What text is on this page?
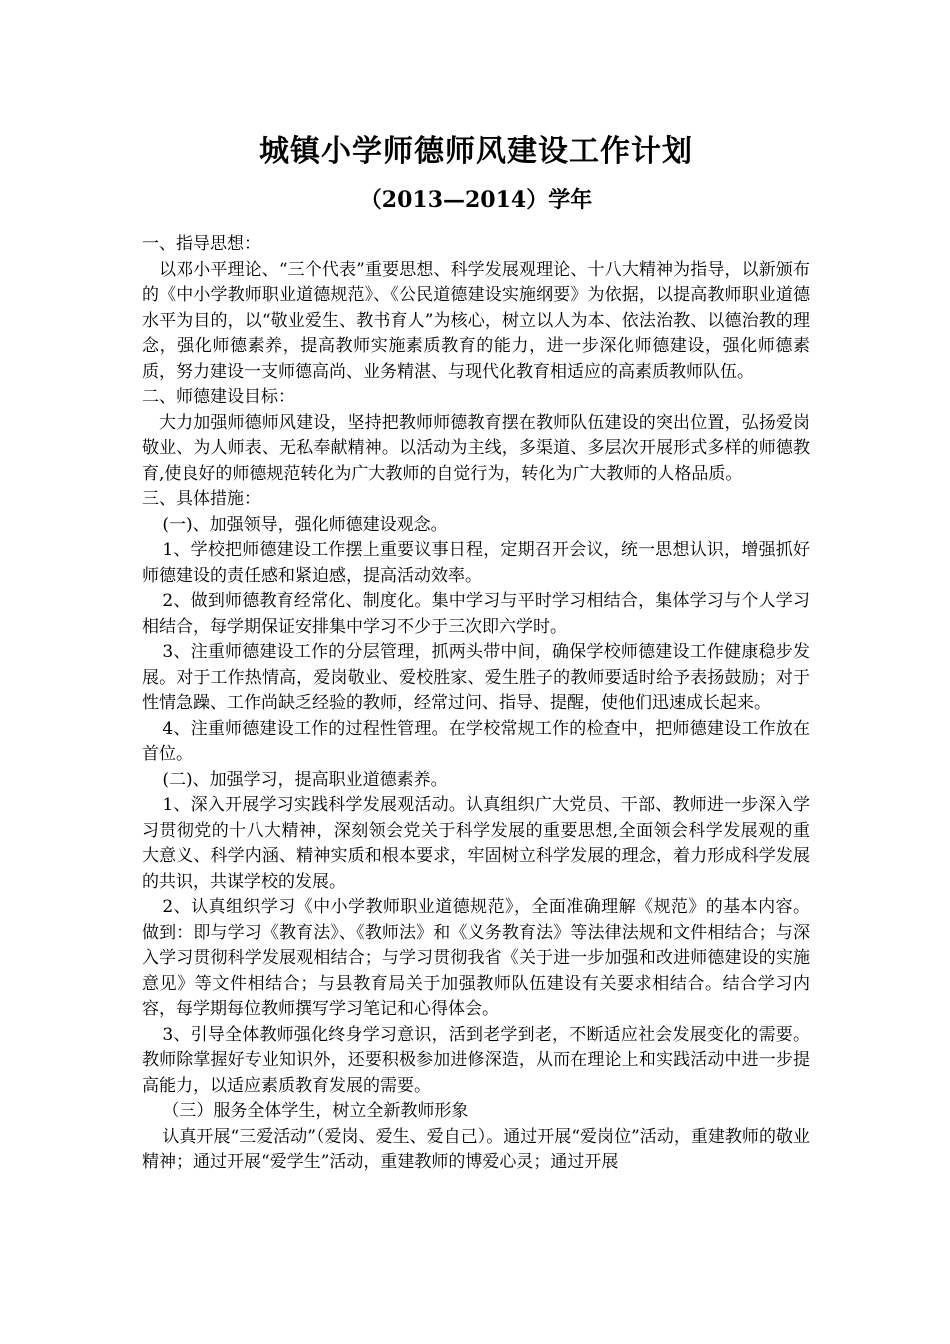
城镇小学师德师风建设工作计划
（2013—2014）学年

一、指导思想：

以邓小平理论、“三个代表”重要思想、科学发展观理论、十八大精神为指导，以新颁布的《中小学教师职业道德规范》、《公民道德建设实施纲要》为依据，以提高教师职业道德水平为目的，以“敬业爱生、教书育人”为核心，树立以人为本、依法治教、以德治教的理念，强化师德素养，提高教师实施素质教育的能力，进一步深化师德建设，强化师德素质，努力建设一支师德高尚、业务精湛、与现代化教育相适应的高素质教师队伍。

二、师德建设目标：

大力加强师德师风建设，坚持把教师师德教育摆在教师队伍建设的突出位置，弘扬爱岗敬业、为人师表、无私奉献精神。以活动为主线，多渠道、多层次开展形式多样的师德教育,使良好的师德规范转化为广大教师的自觉行为，转化为广大教师的人格品质。

三、具体措施：

(一)、加强领导，强化师德建设观念。

1、学校把师德建设工作摆上重要议事日程，定期召开会议，统一思想认识，增强抓好师德建设的责任感和紧迫感，提高活动效率。

2、做到师德教育经常化、制度化。集中学习与平时学习相结合，集体学习与个人学习相结合，每学期保证安排集中学习不少于三次即六学时。

3、注重师德建设工作的分层管理，抓两头带中间，确保学校师德建设工作健康稳步发展。对于工作热情高，爱岗敬业、爱校胜家、爱生胜子的教师要适时给予表扬鼓励；对于性情急躁、工作尚缺乏经验的教师，经常过问、指导、提醒，使他们迅速成长起来。

4、注重师德建设工作的过程性管理。在学校常规工作的检查中，把师德建设工作放在首位。

(二)、加强学习，提高职业道德素养。

1、深入开展学习实践科学发展观活动。认真组织广大党员、干部、教师进一步深入学习贯彻党的十八大精神，深刻领会党关于科学发展的重要思想,全面领会科学发展观的重大意义、科学内涵、精神实质和根本要求，牢固树立科学发展的理念，着力形成科学发展的共识，共谋学校的发展。

2、认真组织学习《中小学教师职业道德规范》，全面准确理解《规范》的基本内容。做到：即与学习《教育法》、《教师法》和《义务教育法》等法律法规和文件相结合；与深入学习贯彻科学发展观相结合；与学习贯彻我省《关于进一步加强和改进师德建设的实施意见》等文件相结合；与县教育局关于加强教师队伍建设有关要求相结合。结合学习内容，每学期每位教师撰写学习笔记和心得体会。

3、引导全体教师强化终身学习意识，活到老学到老，不断适应社会发展变化的需要。教师除掌握好专业知识外，还要积极参加进修深造，从而在理论上和实践活动中进一步提高能力，以适应素质教育发展的需要。

（三）服务全体学生，树立全新教师形象

认真开展“三爱活动”（爱岗、爱生、爱自己）。通过开展“爱岗位”活动，重建教师的敬业精神；通过开展“爱学生”活动，重建教师的博爱心灵；通过开展
